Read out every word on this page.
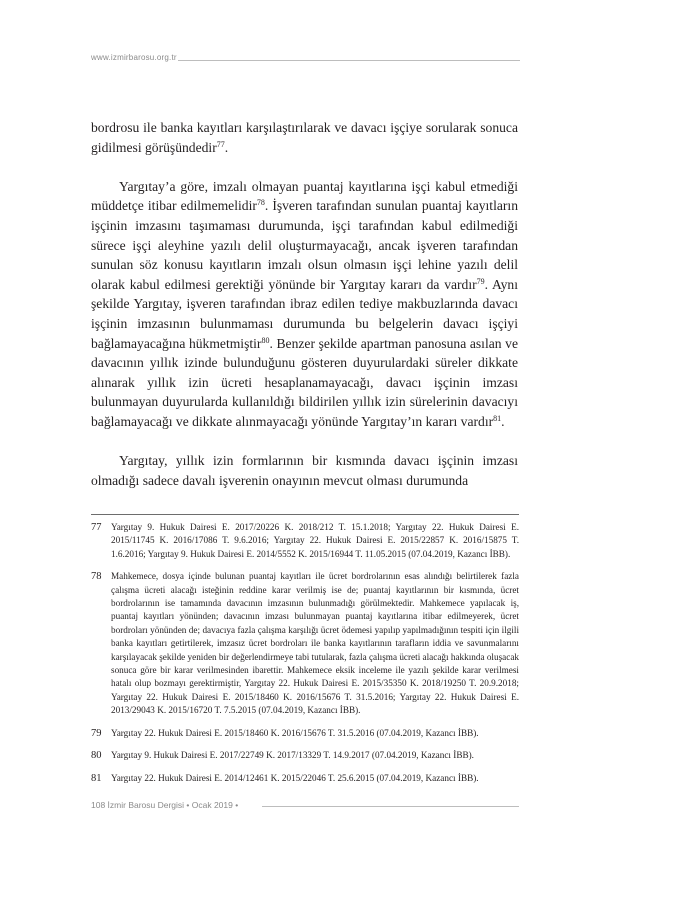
www.izmirbarosu.org.tr

bordrosu ile banka kayıtları karşılaştırılarak ve davacı işçiye sorularak sonuca gidilmesi görüşündedir$^{77}$.

Yargıtay’a göre, imzalı olmayan puantaj kayıtlarına işçi kabul etmediği müddetçe itibar edilmemelidir$^{78}$. İşveren tarafından sunulan puantaj kayıtların işçinin imzasını taşımaması durumunda, işçi tarafından kabul edilmediği sürece işçi aleyhine yazılı delil oluşturmayacağı, ancak işveren tarafından sunulan söz konusu kayıtların imzalı olsun olmasın işçi lehine yazılı delil olarak kabul edilmesi gerektiği yönünde bir Yargıtay kararı da vardır$^{79}$. Aynı şekilde Yargıtay, işveren tarafından ibraz edilen tediye makbuzlarında davacı işçinin imzasının bulunmaması durumunda bu belgelerin davacı işçiyi bağlamayacağına hükmetmiştir$^{80}$. Benzer şekilde apartman panosuna asılan ve davacının yıllık izinde bulunduğunu gösteren duyurulardaki süreler dikkate alınarak yıllık izin ücreti hesaplanamayacağı, davacı işçinin imzası bulunmayan duyurularda kullanıldığı bildirilen yıllık izin sürelerinin davacıyı bağlamayacağı ve dikkate alınmayacağı yönünde Yargıtay’ın kararı vardır$^{81}$.

Yargıtay, yıllık izin formlarının bir kısmında davacı işçinin imzası olmadığı sadece davalı işverenin onayının mevcut olması durumunda

77	Yargıtay 9. Hukuk Dairesi E. 2017/20226 K. 2018/212 T. 15.1.2018; Yargıtay 22. Hukuk Dairesi E. 2015/11745 K. 2016/17086 T. 9.6.2016; Yargıtay 22. Hukuk Dairesi E. 2015/22857 K. 2016/15875 T. 1.6.2016; Yargıtay 9. Hukuk Dairesi E. 2014/5552 K. 2015/16944 T. 11.05.2015 (07.04.2019, Kazancı İBB).
78	Mahkemece, dosya içinde bulunan puantaj kayıtları ile ücret bordrolarının esas alındığı belirtilerek fazla çalışma ücreti alacağı isteğinin reddine karar verilmiş ise de; puantaj kayıtlarının bir kısmında, ücret bordrolarının ise tamamında davacının imzasının bulunmadığı görülmektedir. Mahkemece yapılacak iş, puantaj kayıtları yönünden; davacının imzası bulunmayan puantaj kayıtlarına itibar edilmeyerek, ücret bordroları yönünden de; davacıya fazla çalışma karşılığı ücret ödemesi yapılıp yapılmadığının tespiti için ilgili banka kayıtları getirtilerek, imzasız ücret bordroları ile banka kayıtlarının tarafların iddia ve savunmalarını karşılayacak şekilde yeniden bir değerlendirmeye tabi tutularak, fazla çalışma ücreti alacağı hakkında oluşacak sonuca göre bir karar verilmesinden ibarettir. Mahkemece eksik inceleme ile yazılı şekilde karar verilmesi hatalı olup bozmayı gerektirmiştir, Yargıtay 22. Hukuk Dairesi E. 2015/35350 K. 2018/19250 T. 20.9.2018; Yargıtay 22. Hukuk Dairesi E. 2015/18460 K. 2016/15676 T. 31.5.2016; Yargıtay 22. Hukuk Dairesi E. 2013/29043 K. 2015/16720 T. 7.5.2015 (07.04.2019, Kazancı İBB).
79	Yargıtay 22. Hukuk Dairesi E. 2015/18460 K. 2016/15676 T. 31.5.2016 (07.04.2019, Kazancı İBB).
80	Yargıtay 9. Hukuk Dairesi E. 2017/22749 K. 2017/13329 T. 14.9.2017 (07.04.2019, Kazancı İBB).
81	Yargıtay 22. Hukuk Dairesi E. 2014/12461 K. 2015/22046 T. 25.6.2015 (07.04.2019, Kazancı İBB).
108 İzmir Barosu Dergisi • Ocak 2019 •
